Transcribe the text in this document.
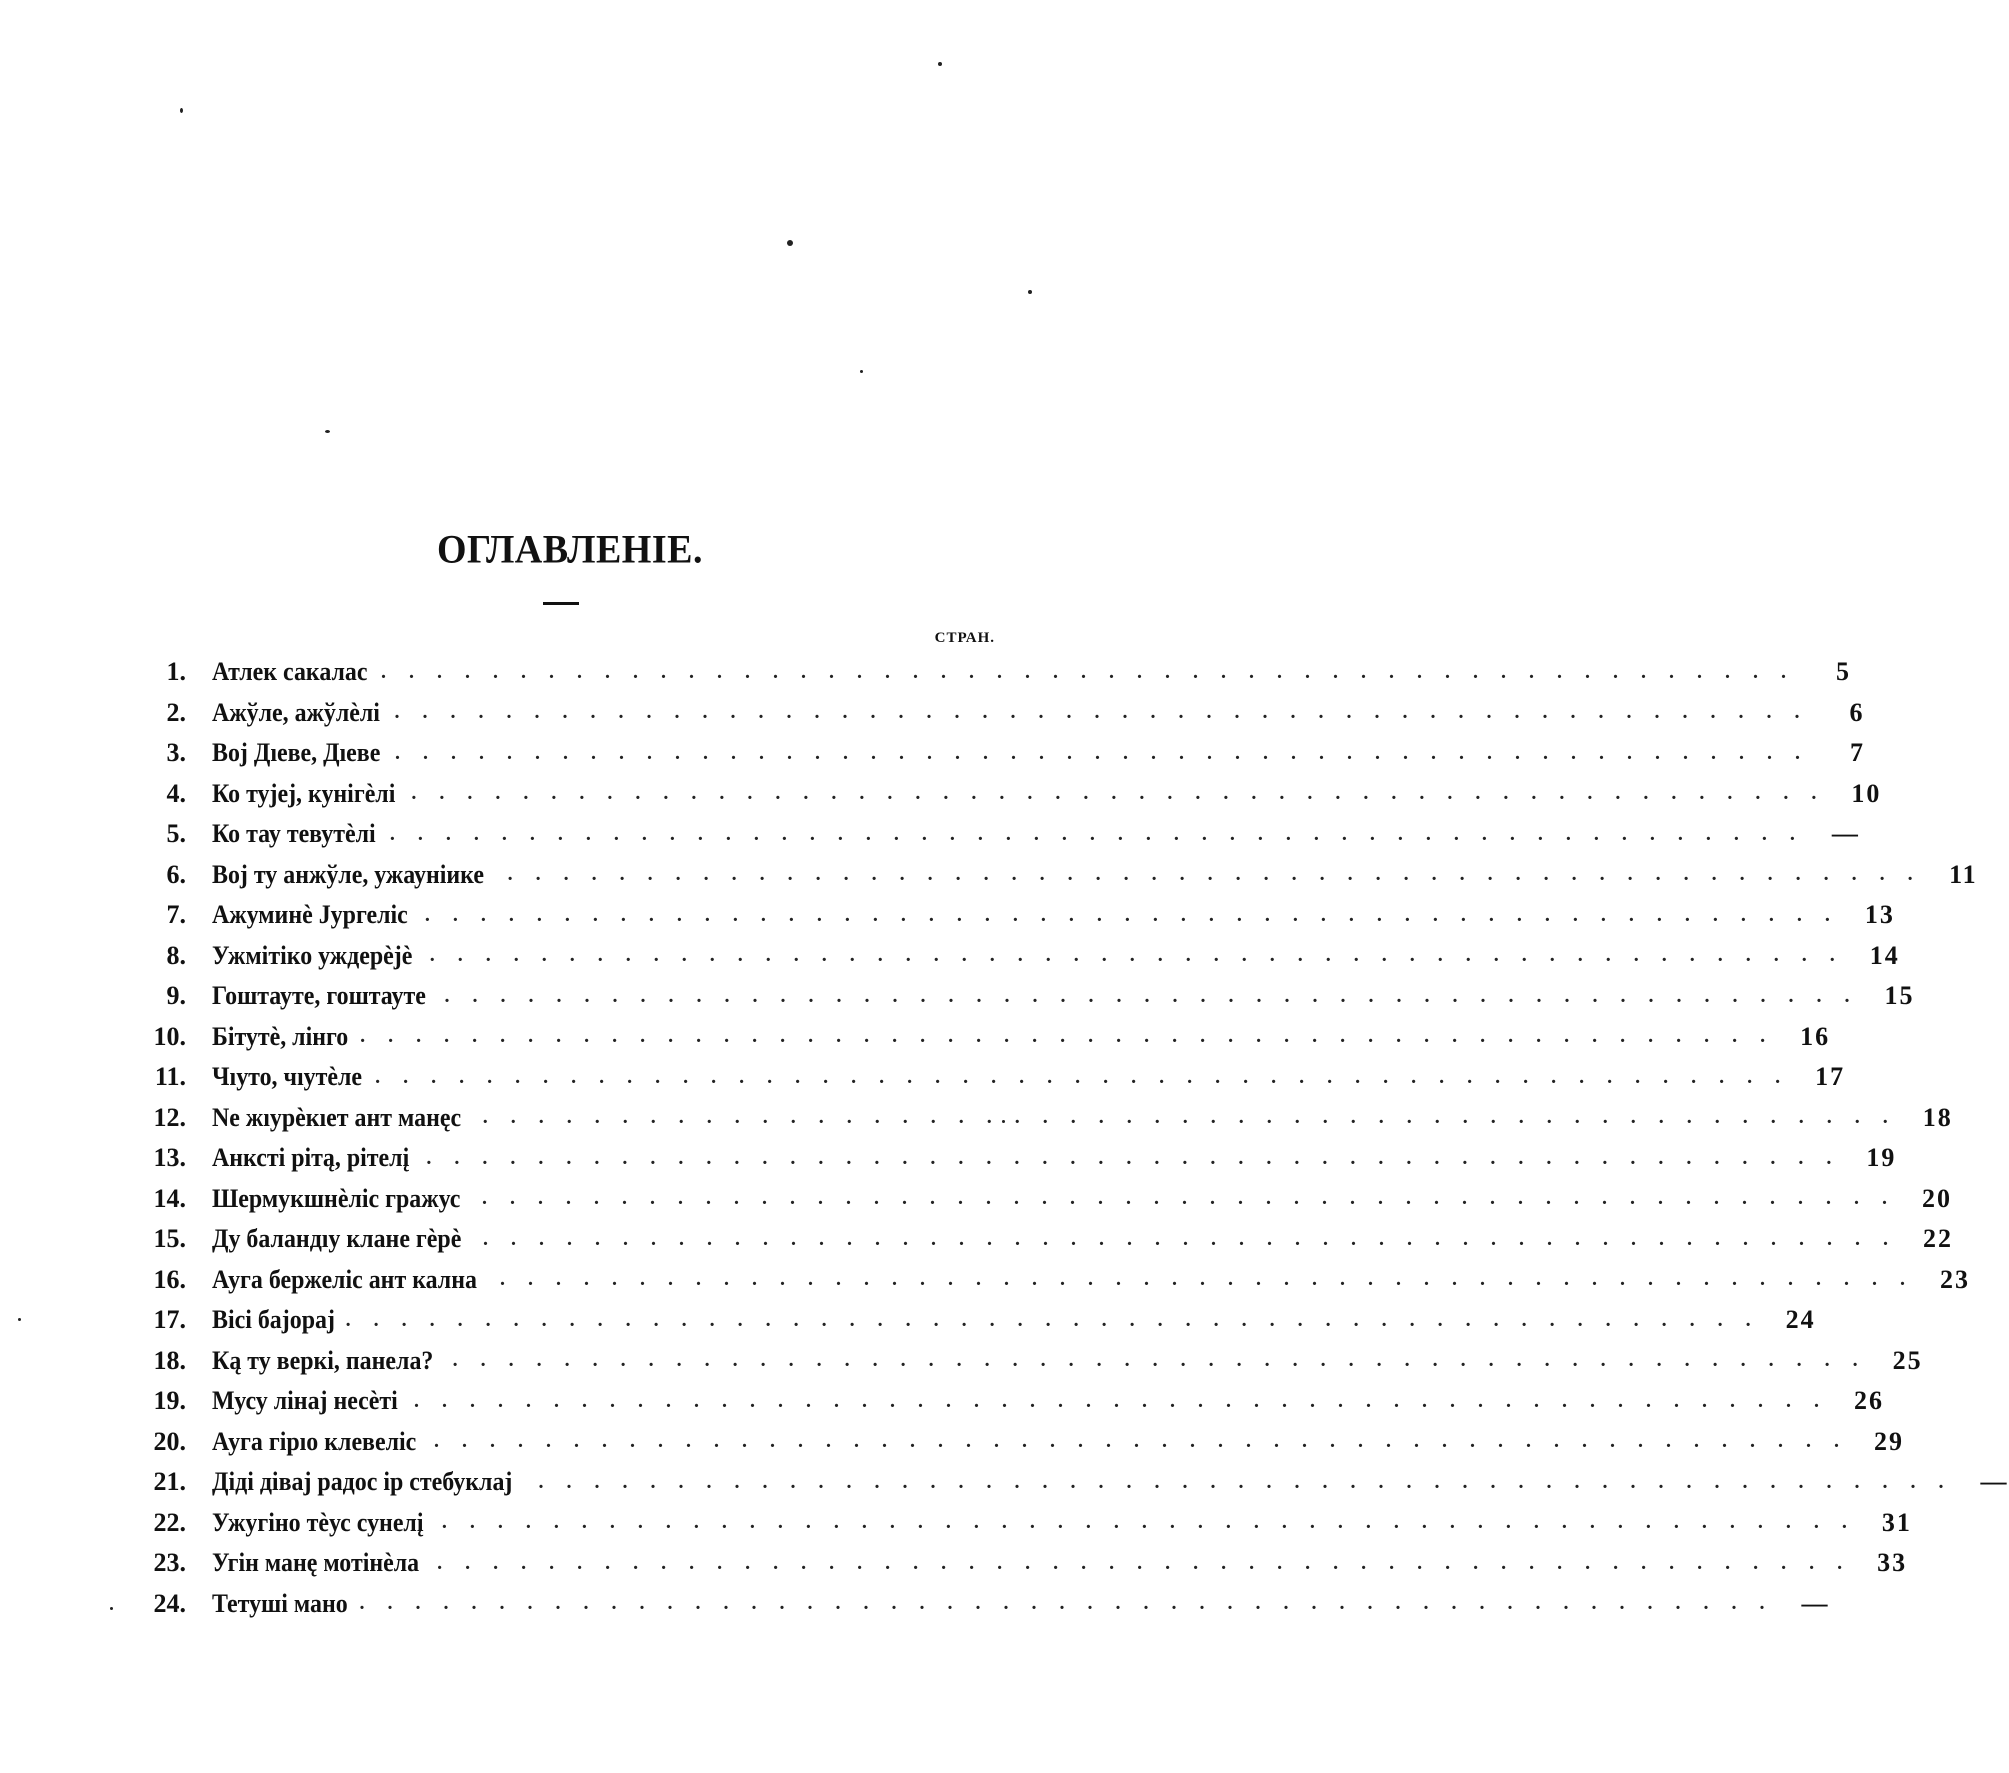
ОГЛАВЛЕНІЕ.
СТРАН.
1. Атлек сакалас . . . . . . . . . . . . . . . . . . . . . . . . . . . . . . . . . . . . . . . . . . . . . . . . . . .	5
2. Ажўле, ажўлѐлі . . . . . . . . . . . . . . . . . . . . . . . . . . . . . . . . . . . . . . . . . . . . . . . . . . .	6
3. Вој Дıеве, Дıеве . . . . . . . . . . . . . . . . . . . . . . . . . . . . . . . . . . . . . . . . . . . . . . . . . . .	7
4. Ко тујеј, кунiгѐлі . . . . . . . . . . . . . . . . . . . . . . . . . . . . . . . . . . . . . . . . . . . . . . . . . . .	10
5. Ко тау тевутѐлі . . . . . . . . . . . . . . . . . . . . . . . . . . . . . . . . . . . . . . . . . . . . . . . . . . .	—
6. Вој ту анжўле, ужауніике . . . . . . . . . . . . . . . . . . . . . . . . . . . . . . . . . . . . . . . . . . . . . . . . . . .	11
7. Ажуминѐ Јургеліс . . . . . . . . . . . . . . . . . . . . . . . . . . . . . . . . . . . . . . . . . . . . . . . . . . .	13
8. Ужмітіко уждерѐјѐ . . . . . . . . . . . . . . . . . . . . . . . . . . . . . . . . . . . . . . . . . . . . . . . . . . .	14
9. Гоштауте, гоштауте . . . . . . . . . . . . . . . . . . . . . . . . . . . . . . . . . . . . . . . . . . . . . . . . . . .	15
10. Бітутѐ, лінго . . . . . . . . . . . . . . . . . . . . . . . . . . . . . . . . . . . . . . . . . . . . . . . . . . .	16
11. Чıуто, чıутѐле . . . . . . . . . . . . . . . . . . . . . . . . . . . . . . . . . . . . . . . . . . . . . . . . . . .	17
12. Ne жıурѐкıет ант манęс . . . . . . . . . . . . . . . . . . . . . . . . . . . . . . . . . . . . . . . . . . . . . . . . . . .	18
13. Анксті рітą, рітелį . . . . . . . . . . . . . . . . . . . . . . . . . . . . . . . . . . . . . . . . . . . . . . . . . . .	19
14. Шермукшнѐліс гражус . . . . . . . . . . . . . . . . . . . . . . . . . . . . . . . . . . . . . . . . . . . . . . . . . . .	20
15. Ду баландıу клане гѐрѐ . . . . . . . . . . . . . . . . . . . . . . . . . . . . . . . . . . . . . . . . . . . . . . . . . . .	22
16. Ауга бержеліс ант кална . . . . . . . . . . . . . . . . . . . . . . . . . . . . . . . . . . . . . . . . . . . . . . . . . . .	23
17. Вісі бајорај . . . . . . . . . . . . . . . . . . . . . . . . . . . . . . . . . . . . . . . . . . . . . . . . . . .	24
18. Кą ту веркі, панела? . . . . . . . . . . . . . . . . . . . . . . . . . . . . . . . . . . . . . . . . . . . . . . . . . . .	25
19. Мусу лінај несѐті . . . . . . . . . . . . . . . . . . . . . . . . . . . . . . . . . . . . . . . . . . . . . . . . . . .	26
20. Ауга гірıо клевеліс . . . . . . . . . . . . . . . . . . . . . . . . . . . . . . . . . . . . . . . . . . . . . . . . . . .	29
21. Діді дівај радос ір стебуклај . . . . . . . . . . . . . . . . . . . . . . . . . . . . . . . . . . . . . . . . . . . . . . . . . . .	—
22. Ужугіно тѐус сунелį . . . . . . . . . . . . . . . . . . . . . . . . . . . . . . . . . . . . . . . . . . . . . . . . . . .	31
23. Угін манę мотінѐла . . . . . . . . . . . . . . . . . . . . . . . . . . . . . . . . . . . . . . . . . . . . . . . . . . .	33
24. Тетуші мано . . . . . . . . . . . . . . . . . . . . . . . . . . . . . . . . . . . . . . . . . . . . . . . . . . .	—
